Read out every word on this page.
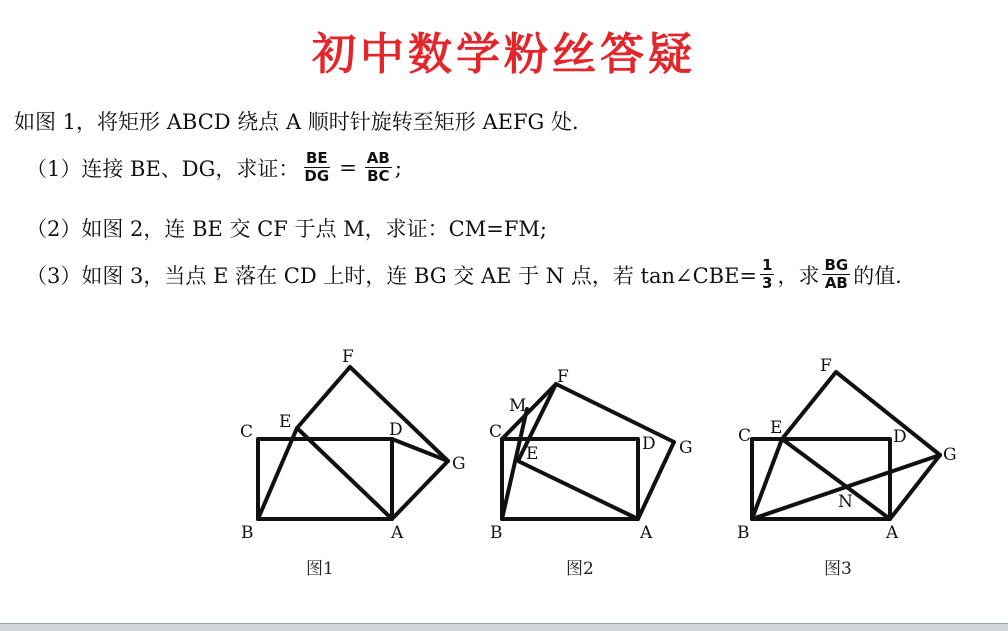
初中数学粉丝答疑
如图 1，将矩形 ABCD 绕点 A 顺时针旋转至矩形 AEFG 处．
（1）连接 BE、DG，求证： $\frac{BE}{DG} = \frac{AB}{BC}$ ;
（2）如图 2，连 BE 交 CF 于点 M，求证：CM=FM;
（3）如图 3，当点 E 落在 CD 上时，连 BG 交 AE 于 N 点，若 tan∠CBE= $\frac{1}{3}$ ，求 $\frac{BG}{AB}$ 的值．
F
C E	D
G
B	A
M
F
C
E	D G
B	A
F
C E	D
G
N
B	A
图1	图2	图3
